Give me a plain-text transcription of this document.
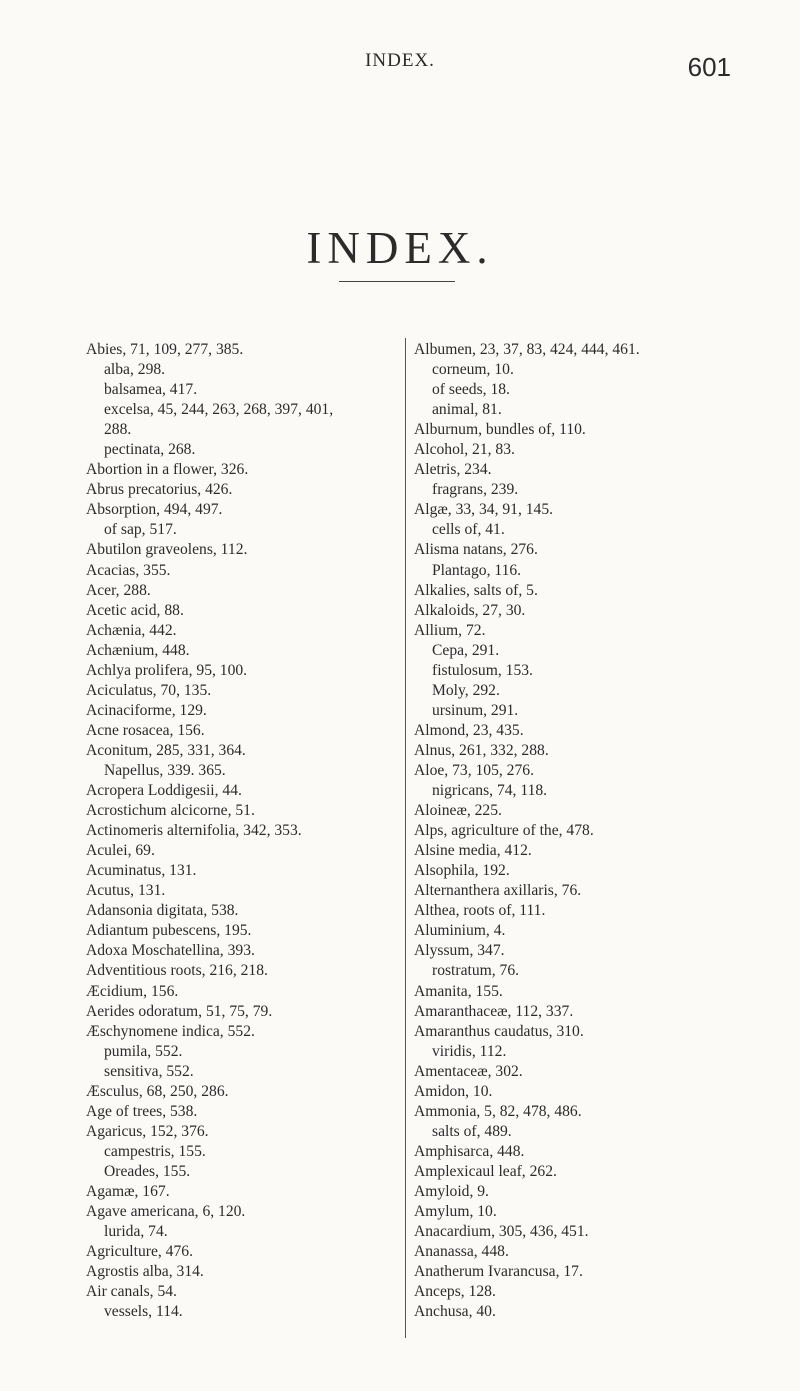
INDEX.	601
INDEX.
Abies, 71, 109, 277, 385.
alba, 298.
balsamea, 417.
excelsa, 45, 244, 263, 268, 397, 401,
288.
pectinata, 268.
Abortion in a flower, 326.
Abrus precatorius, 426.
Absorption, 494, 497.
of sap, 517.
Abutilon graveolens, 112.
Acacias, 355.
Acer, 288.
Acetic acid, 88.
Achænia, 442.
Achænium, 448.
Achlya prolifera, 95, 100.
Aciculatus, 70, 135.
Acinaciforme, 129.
Acne rosacea, 156.
Aconitum, 285, 331, 364.
Napellus, 339. 365.
Acropera Loddigesii, 44.
Acrostichum alcicorne, 51.
Actinomeris alternifolia, 342, 353.
Aculei, 69.
Acuminatus, 131.
Acutus, 131.
Adansonia digitata, 538.
Adiantum pubescens, 195.
Adoxa Moschatellina, 393.
Adventitious roots, 216, 218.
Æcidium, 156.
Aerides odoratum, 51, 75, 79.
Æschynomene indica, 552.
pumila, 552.
sensitiva, 552.
Æsculus, 68, 250, 286.
Age of trees, 538.
Agaricus, 152, 376.
campestris, 155.
Oreades, 155.
Agamæ, 167.
Agave americana, 6, 120.
lurida, 74.
Agriculture, 476.
Agrostis alba, 314.
Air canals, 54.
vessels, 114.
Albumen, 23, 37, 83, 424, 444, 461.
corneum, 10.
of seeds, 18.
animal, 81.
Alburnum, bundles of, 110.
Alcohol, 21, 83.
Aletris, 234.
fragrans, 239.
Algæ, 33, 34, 91, 145.
cells of, 41.
Alisma natans, 276.
Plantago, 116.
Alkalies, salts of, 5.
Alkaloids, 27, 30.
Allium, 72.
Cepa, 291.
fistulosum, 153.
Moly, 292.
ursinum, 291.
Almond, 23, 435.
Alnus, 261, 332, 288.
Aloe, 73, 105, 276.
nigricans, 74, 118.
Aloineæ, 225.
Alps, agriculture of the, 478.
Alsine media, 412.
Alsophila, 192.
Alternanthera axillaris, 76.
Althea, roots of, 111.
Aluminium, 4.
Alyssum, 347.
rostratum, 76.
Amanita, 155.
Amaranthaceæ, 112, 337.
Amaranthus caudatus, 310.
viridis, 112.
Amentaceæ, 302.
Amidon, 10.
Ammonia, 5, 82, 478, 486.
salts of, 489.
Amphisarca, 448.
Amplexicaul leaf, 262.
Amyloid, 9.
Amylum, 10.
Anacardium, 305, 436, 451.
Ananassa, 448.
Anatherum Ivarancusa, 17.
Anceps, 128.
Anchusa, 40.
